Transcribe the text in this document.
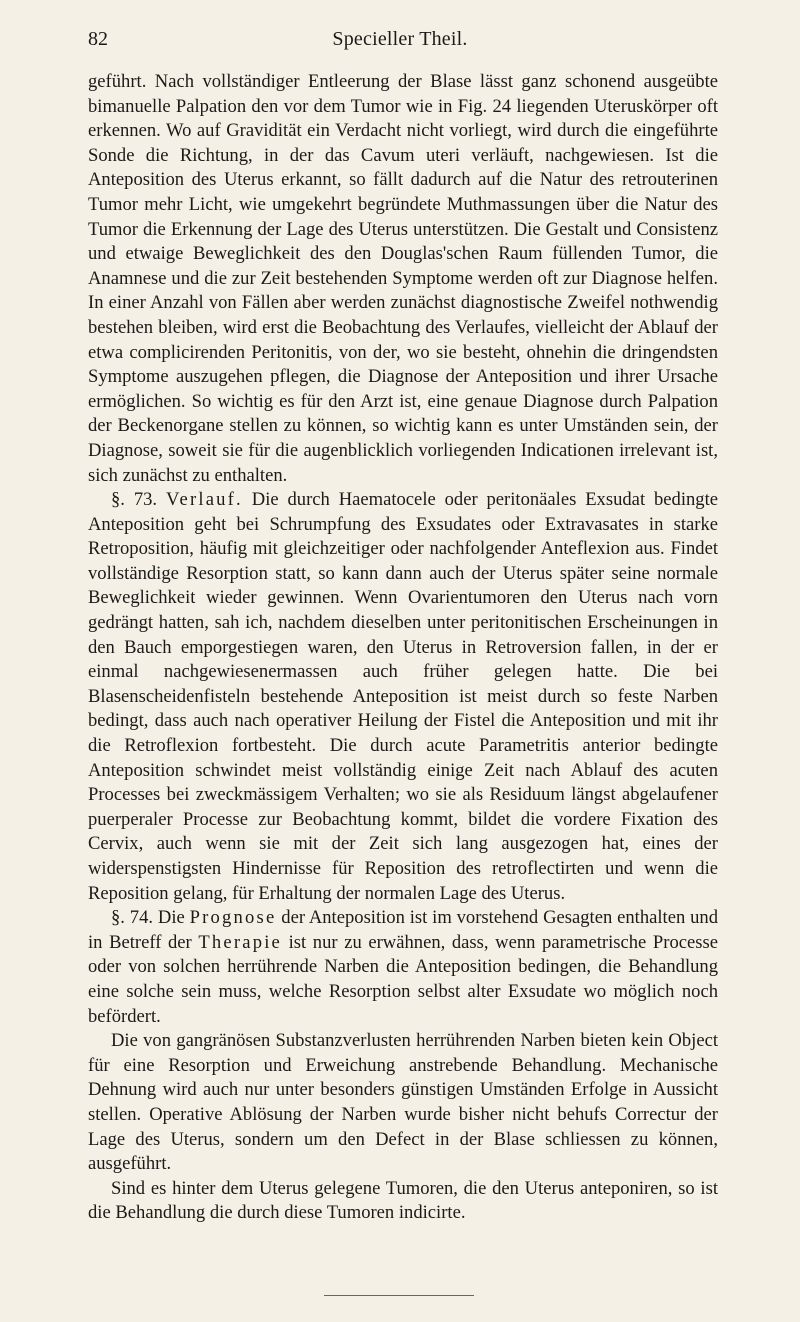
82	Specieller Theil.

geführt. Nach vollständiger Entleerung der Blase lässt ganz schonend ausgeübte bimanuelle Palpation den vor dem Tumor wie in Fig. 24 liegenden Uteruskörper oft erkennen. Wo auf Gravidität ein Verdacht nicht vorliegt, wird durch die eingeführte Sonde die Richtung, in der das Cavum uteri verläuft, nachgewiesen. Ist die Anteposition des Uterus erkannt, so fällt dadurch auf die Natur des retrouterinen Tumor mehr Licht, wie umgekehrt begründete Muthmassungen über die Natur des Tumor die Erkennung der Lage des Uterus unterstützen. Die Gestalt und Consistenz und etwaige Beweglichkeit des den Douglas'schen Raum füllenden Tumor, die Anamnese und die zur Zeit bestehenden Symptome werden oft zur Diagnose helfen. In einer Anzahl von Fällen aber werden zunächst diagnostische Zweifel nothwendig bestehen bleiben, wird erst die Beobachtung des Verlaufes, vielleicht der Ablauf der etwa complicirenden Peritonitis, von der, wo sie besteht, ohnehin die dringendsten Symptome auszugehen pflegen, die Diagnose der Anteposition und ihrer Ursache ermöglichen. So wichtig es für den Arzt ist, eine genaue Diagnose durch Palpation der Beckenorgane stellen zu können, so wichtig kann es unter Umständen sein, der Diagnose, soweit sie für die augenblicklich vorliegenden Indicationen irrelevant ist, sich zunächst zu enthalten.

§. 73. Verlauf. Die durch Haematocele oder peritonäales Exsudat bedingte Anteposition geht bei Schrumpfung des Exsudates oder Extravasates in starke Retroposition, häufig mit gleichzeitiger oder nachfolgender Anteflexion aus. Findet vollständige Resorption statt, so kann dann auch der Uterus später seine normale Beweglichkeit wieder gewinnen. Wenn Ovarientumoren den Uterus nach vorn gedrängt hatten, sah ich, nachdem dieselben unter peritonitischen Erscheinungen in den Bauch emporgestiegen waren, den Uterus in Retroversion fallen, in der er einmal nachgewiesenermassen auch früher gelegen hatte. Die bei Blasenscheidenfisteln bestehende Anteposition ist meist durch so feste Narben bedingt, dass auch nach operativer Heilung der Fistel die Anteposition und mit ihr die Retroflexion fortbesteht. Die durch acute Parametritis anterior bedingte Anteposition schwindet meist vollständig einige Zeit nach Ablauf des acuten Processes bei zweckmässigem Verhalten; wo sie als Residuum längst abgelaufener puerperaler Processe zur Beobachtung kommt, bildet die vordere Fixation des Cervix, auch wenn sie mit der Zeit sich lang ausgezogen hat, eines der widerspenstigsten Hindernisse für Reposition des retroflectirten und wenn die Reposition gelang, für Erhaltung der normalen Lage des Uterus.

§. 74. Die Prognose der Anteposition ist im vorstehend Gesagten enthalten und in Betreff der Therapie ist nur zu erwähnen, dass, wenn parametrische Processe oder von solchen herrührende Narben die Anteposition bedingen, die Behandlung eine solche sein muss, welche Resorption selbst alter Exsudate wo möglich noch befördert.

Die von gangränösen Substanzverlusten herrührenden Narben bieten kein Object für eine Resorption und Erweichung anstrebende Behandlung. Mechanische Dehnung wird auch nur unter besonders günstigen Umständen Erfolge in Aussicht stellen. Operative Ablösung der Narben wurde bisher nicht behufs Correctur der Lage des Uterus, sondern um den Defect in der Blase schliessen zu können, ausgeführt.

Sind es hinter dem Uterus gelegene Tumoren, die den Uterus anteponiren, so ist die Behandlung die durch diese Tumoren indicirte.
